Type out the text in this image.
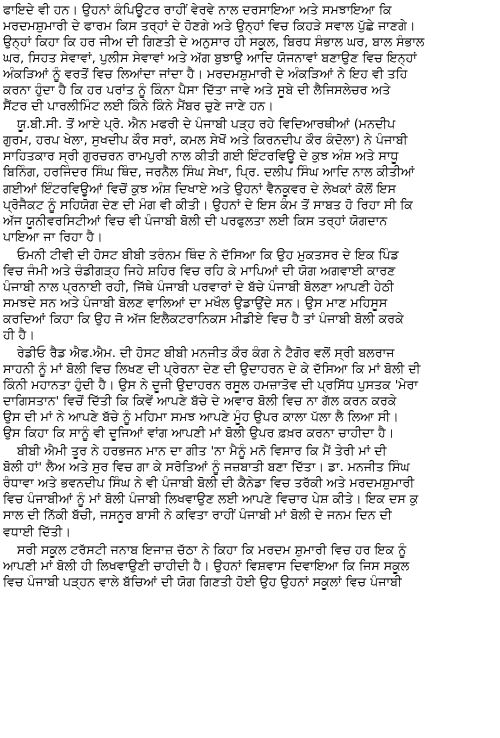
ਫਾਇਦੇ ਵੀ ਹਨ। ਉਹਨਾਂ ਕੰਪਿਊਟਰ ਰਾਹੀਂ ਵੇਰਵੇ ਨਾਲ ਦਰਸਾਇਆ ਅਤੇ ਸਮਝਾਇਆ ਕਿ
ਮਰਦਮਸ਼ੁਮਾਰੀ ਦੇ ਫਾਰਮ ਕਿਸ ਤਰ੍ਹਾਂ ਦੇ ਹੋਣਗੇ ਅਤੇ ਉਨ੍ਹਾਂ ਵਿਚ ਕਿਹੜੇ ਸਵਾਲ ਪੁੱਛੇ ਜਾਣਗੇ।
ਉਨ੍ਹਾਂ ਕਿਹਾ ਕਿ ਹਰ ਜੀਅ ਦੀ ਗਿਣਤੀ ਦੇ ਅਨੁਸਾਰ ਹੀ ਸਕੂਲ, ਬਿਰਧ ਸੰਭਾਲ ਘਰ, ਬਾਲ ਸੰਭਾਲ
ਘਰ, ਸਿਹਤ ਸੇਵਾਵਾਂ, ਪੁਲੀਸ ਸੇਵਾਵਾਂ ਅਤੇ ਅੱਗ ਬੁਝਾਉ ਆਦਿ ਯੋਜਨਾਵਾਂ ਬਣਾਉਣ ਵਿਚ ਇਨ੍ਹਾਂ
ਅੰਕੜਿਆਂ ਨੂੰ ਵਰਤੋਂ ਵਿਚ ਲਿਆਂਦਾ ਜਾਂਦਾ ਹੈ। ਮਰਦਮਸ਼ੁਮਾਰੀ ਦੇ ਅੰਕੜਿਆਂ ਨੇ ਇਹ ਵੀ ਤਹਿ
ਕਰਨਾ ਹੁੰਦਾ ਹੈ ਕਿ ਹਰ ਪਰਾਂਤ ਨੂੰ ਕਿੰਨਾ ਪੈਸਾ ਦਿੱਤਾ ਜਾਵੇ ਅਤੇ ਸੂਬੇ ਦੀ ਲੈਜਿਸਲੇਚਰ ਅਤੇ
ਸੈਂਟਰ ਦੀ ਪਾਰਲੀਮਿੰਟ ਲਈ ਕਿੰਨੇ ਕਿੰਨੇ ਮੈਂਬਰ ਚੁਣੇ ਜਾਣੇ ਹਨ।
ਯੂ.ਬੀ.ਸੀ. ਤੋਂ ਆਏ ਪ੍ਰੋ. ਐਨ ਮਫਰੀ ਦੇ ਪੰਜਾਬੀ ਪੜ੍ਹ ਰਹੇ ਵਿਦਿਆਰਥੀਆਂ (ਮਨਦੀਪ
ਗੁਰਮ, ਹਰਪ ਖੇਲਾ, ਸੁਖਦੀਪ ਕੌਰ ਸਰਾਂ, ਕਮਲ ਸੇਖੋਂ ਅਤੇ ਕਿਰਨਦੀਪ ਕੌਰ ਕੰਦੋਲਾ) ਨੇ ਪੰਜਾਬੀ
ਸਾਹਿਤਕਾਰ ਸ੍ਰੀ ਗੁਰਚਰਨ ਰਾਮਪੁਰੀ ਨਾਲ ਕੀਤੀ ਗਈ ਇੰਟਰਵਿਊ ਦੇ ਕੁਝ ਅੰਸ਼ ਅਤੇ ਸਾਧੂ
ਬਿਨਿੰਗ, ਹਰਜਿੰਦਰ ਸਿੰਘ ਥਿੰਦ, ਜਰਨੈਲ ਸਿੰਘ ਸੇਖਾ, ਪ੍ਰਿ. ਦਲੀਪ ਸਿੰਘ ਆਦਿ ਨਾਲ ਕੀਤੀਆਂ
ਗਈਆਂ ਇੰਟਰਵਿਊਆਂ ਵਿਚੋਂ ਕੁਝ ਅੰਸ਼ ਦਿਖਾਏ ਅਤੇ ਉਹਨਾਂ ਵੈਨਕੂਵਰ ਦੇ ਲੇਖਕਾਂ ਕੋਲੋਂ ਇਸ
ਪ੍ਰੋਜੈਕਟ ਨੂੰ ਸਹਿਯੋਗ ਦੇਣ ਦੀ ਮੰਗ ਵੀ ਕੀਤੀ। ਉਹਨਾਂ ਦੇ ਇਸ ਕੰਮ ਤੋਂ ਸਾਬਤ ਹੋ ਰਿਹਾ ਸੀ ਕਿ
ਅੱਜ ਯੂਨੀਵਰਸਿਟੀਆਂ ਵਿਚ ਵੀ ਪੰਜਾਬੀ ਬੋਲੀ ਦੀ ਪਰਫੁਲਤਾ ਲਈ ਕਿਸ ਤਰ੍ਹਾਂ ਯੋਗਦਾਨ
ਪਾਇਆ ਜਾ ਰਿਹਾ ਹੈ।
ਓਮਨੀ ਟੀਵੀ ਦੀ ਹੋਸਟ ਬੀਬੀ ਤਰੰਨਮ ਥਿੰਦ ਨੇ ਦੱਸਿਆ ਕਿ ਉਹ ਮੁਕਤਸਰ ਦੇ ਇਕ ਪਿੰਡ
ਵਿਚ ਜੰਮੀ ਅਤੇ ਚੰਡੀਗੜ੍ਹ ਜਿਹੇ ਸ਼ਹਿਰ ਵਿਚ ਰਹਿ ਕੇ ਮਾਪਿਆਂ ਦੀ ਯੋਗ ਅਗਵਾਈ ਕਾਰਣ
ਪੰਜਾਬੀ ਨਾਲ ਪ੍ਰਨਾਈ ਰਹੀ, ਜਿੱਥੇ ਪੰਜਾਬੀ ਪਰਵਾਰਾਂ ਦੇ ਬੱਚੇ ਪੰਜਾਬੀ ਬੋਲਣਾ ਆਪਣੀ ਹੇਠੀ
ਸਮਝਦੇ ਸਨ ਅਤੇ ਪੰਜਾਬੀ ਬੋਲਣ ਵਾਲਿਆਂ ਦਾ ਮਖੌਲ ਉਡਾਉਂਦੇ ਸਨ। ਉਸ ਮਾਣ ਮਹਿਸੂਸ
ਕਰਦਿਆਂ ਕਿਹਾ ਕਿ ਉਹ ਜੋ ਅੱਜ ਇਲੈਕਟਰਾਨਿਕਸ ਮੀਡੀਏ ਵਿਚ ਹੈ ਤਾਂ ਪੰਜਾਬੀ ਬੋਲੀ ਕਰਕੇ
ਹੀ ਹੈ।
ਰੇਡੀਓ ਰੈਡ ਐਫ.ਐਮ. ਦੀ ਹੋਸਟ ਬੀਬੀ ਮਨਜੀਤ ਕੌਰ ਕੰਗ ਨੇ ਟੈਗੋਰ ਵਲੋਂ ਸ੍ਰੀ ਬਲਰਾਜ
ਸਾਹਨੀ ਨੂੰ ਮਾਂ ਬੋਲੀ ਵਿਚ ਲਿਖਣ ਦੀ ਪ੍ਰੇਰਨਾ ਦੇਣ ਦੀ ਉਦਾਹਰਨ ਦੇ ਕੇ ਦੱਸਿਆ ਕਿ ਮਾਂ ਬੋਲੀ ਦੀ
ਕਿੰਨੀ ਮਹਾਨਤਾ ਹੁੰਦੀ ਹੈ। ਉਸ ਨੇ ਦੂਜੀ ਉਦਾਹਰਨ ਰਸੂਲ ਹਮਜ਼ਾਤੋਵ ਦੀ ਪ੍ਰਸਿੱਧ ਪੁਸਤਕ 'ਮੇਰਾ
ਦਾਗਿਸਤਾਨ' ਵਿਚੋਂ ਦਿੱਤੀ ਕਿ ਕਿਵੇਂ ਆਪਣੇ ਬੱਚੇ ਦੇ ਅਵਾਰ ਬੋਲੀ ਵਿਚ ਨਾ ਗੱਲ ਕਰਨ ਕਰਕੇ
ਉਸ ਦੀ ਮਾਂ ਨੇ ਆਪਣੇ ਬੱਚੇ ਨੂੰ ਮਹਿਮਾ ਸਮਝ ਆਪਣੇ ਮੂੰਹ ਉਪਰ ਕਾਲਾ ਪੱਲਾ ਲੈ ਲਿਆ ਸੀ।
ਉਸ ਕਿਹਾ ਕਿ ਸਾਨੂੰ ਵੀ ਦੂਜਿਆਂ ਵਾਂਗ ਆਪਣੀ ਮਾਂ ਬੋਲੀ ਉਪਰ ਫ਼ਖ਼ਰ ਕਰਨਾ ਚਾਹੀਦਾ ਹੈ।
ਬੀਬੀ ਐਮੀ ਤੂਰ ਨੇ ਹਰਭਜਨ ਮਾਨ ਦਾ ਗੀਤ 'ਨਾ ਮੈਨੂੰ ਮਨੋ ਵਿਸਾਰ ਕਿ ਮੈਂ ਤੇਰੀ ਮਾਂ ਦੀ
ਬੋਲੀ ਹਾਂ' ਲੈਅ ਅਤੇ ਸੁਰ ਵਿਚ ਗਾ ਕੇ ਸਰੋਤਿਆਂ ਨੂੰ ਜਜ਼ਬਾਤੀ ਬਣਾ ਦਿੱਤਾ। ਡਾ. ਮਨਜੀਤ ਸਿੰਘ
ਰੰਧਾਵਾ ਅਤੇ ਭਵਨਦੀਪ ਸਿੰਘ ਨੇ ਵੀ ਪੰਜਾਬੀ ਬੋਲੀ ਦੀ ਕੈਨੇਡਾ ਵਿਚ ਤਰੱਕੀ ਅਤੇ ਮਰਦਮਸ਼ੁਮਾਰੀ
ਵਿਚ ਪੰਜਾਬੀਆਂ ਨੂੰ ਮਾਂ ਬੋਲੀ ਪੰਜਾਬੀ ਲਿਖਵਾਉਣ ਲਈ ਆਪਣੇ ਵਿਚਾਰ ਪੇਸ਼ ਕੀਤੇ। ਇਕ ਦਸ ਕੁ
ਸਾਲ ਦੀ ਨਿੱਕੀ ਬੱਚੀ, ਜਸਨੂਰ ਬਾਸੀ ਨੇ ਕਵਿਤਾ ਰਾਹੀਂ ਪੰਜਾਬੀ ਮਾਂ ਬੋਲੀ ਦੇ ਜਨਮ ਦਿਨ ਦੀ
ਵਧਾਈ ਦਿੱਤੀ।
ਸਰੀ ਸਕੂਲ ਟਰੱਸਟੀ ਜਨਾਬ ਇਜਾਜ਼ ਚੱਠਾ ਨੇ ਕਿਹਾ ਕਿ ਮਰਦਮ ਸ਼ੁਮਾਰੀ ਵਿਚ ਹਰ ਇਕ ਨੂੰ
ਆਪਣੀ ਮਾਂ ਬੋਲੀ ਹੀ ਲਿਖਵਾਉਣੀ ਚਾਹੀਦੀ ਹੈ। ਉਹਨਾਂ ਵਿਸ਼ਵਾਸ ਦਿਵਾਇਆ ਕਿ ਜਿਸ ਸਕੂਲ
ਵਿਚ ਪੰਜਾਬੀ ਪੜ੍ਹਨ ਵਾਲੇ ਬੱਚਿਆਂ ਦੀ ਯੋਗ ਗਿਣਤੀ ਹੋਈ ਉਹ ਉਹਨਾਂ ਸਕੂਲਾਂ ਵਿਚ ਪੰਜਾਬੀ
